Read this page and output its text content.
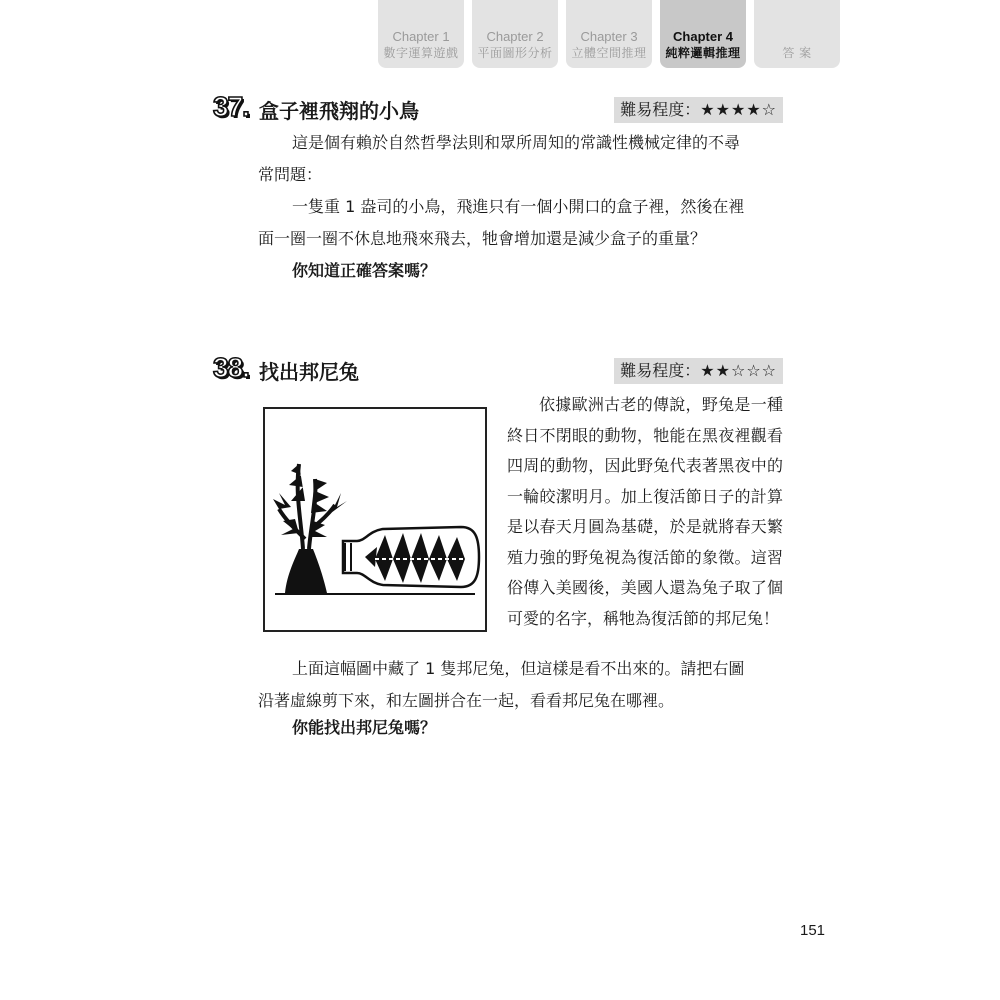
Chapter 1
數字運算遊戲
Chapter 2
平面圖形分析
Chapter 3
立體空間推理
Chapter 4
純粹邏輯推理	答 案
37. 盒子裡飛翔的小鳥	難易程度：★★★★☆
這是個有賴於自然哲學法則和眾所周知的常識性機械定律的不尋
常問題：
一隻重 1 盎司的小鳥，飛進只有一個小開口的盒子裡，然後在裡
面一圈一圈不休息地飛來飛去，牠會增加還是減少盒子的重量？
你知道正確答案嗎？
38. 找出邦尼兔	難易程度：★★☆☆☆
依據歐洲古老的傳說，野兔是一種終日不閉眼的動物，牠能在黑夜裡觀看四周的動物，因此野兔代表著黑夜中的一輪皎潔明月。加上復活節日子的計算是以春天月圓為基礎，於是就將春天繁殖力強的野兔視為復活節的象徵。這習俗傳入美國後，美國人還為兔子取了個可愛的名字，稱牠為復活節的邦尼兔！
上面這幅圖中藏了 1 隻邦尼兔，但這樣是看不出來的。請把右圖
沿著虛線剪下來，和左圖拼合在一起，看看邦尼兔在哪裡。
你能找出邦尼兔嗎？
151
